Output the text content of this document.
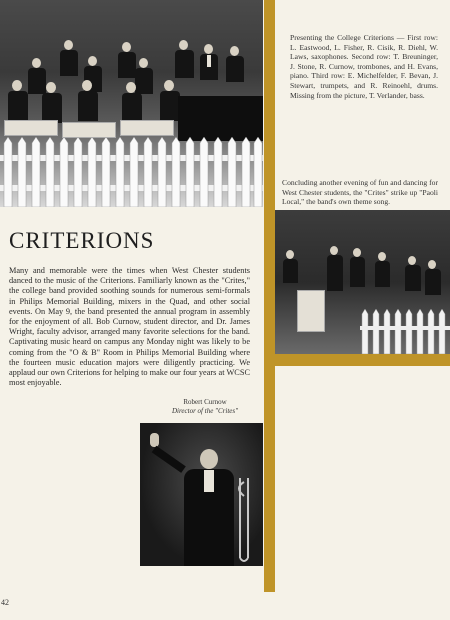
Presenting the College Criterions — First row: L. Eastwood, L. Fisher, R. Cisik, R. Diehl, W. Laws, saxophones. Second row: T. Breuninger, J. Stone, R. Curnow, trombones, and H. Evans, piano. Third row: E. Michelfelder, F. Bevan, J. Stewart, trumpets, and R. Reinoehl, drums. Missing from the picture, T. Verlander, bass.
Concluding another evening of fun and dancing for West Chester students, the "Crites" strike up "Paoli Local," the band's own theme song.
CRITERIONS
Many and memorable were the times when West Chester students danced to the music of the Criterions. Familiarly known as the "Crites," the college band provided soothing sounds for numerous semi-formals in Philips Memorial Building, mixers in the Quad, and other social events. On May 9, the band presented the annual program in assembly for the enjoyment of all. Bob Curnow, student director, and Dr. James Wright, faculty advisor, arranged many favorite selections for the band. Captivating music heard on campus any Monday night was likely to be coming from the "O & B" Room in Philips Memorial Building where the fourteen music education majors were diligently practicing. We applaud our own Criterions for helping to make our four years at WCSC most enjoyable.
Robert Curnow
Director of the "Crites"
42
